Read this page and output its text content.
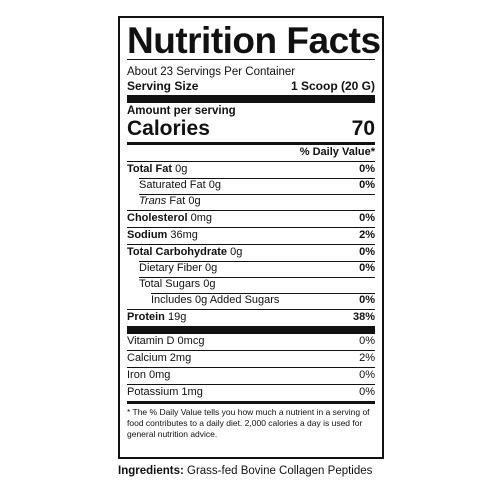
Nutrition Facts
About 23 Servings Per Container
Serving Size	1 Scoop (20 G)
Amount per serving
Calories	70
% Daily Value*
Total Fat 0g	0%
Saturated Fat 0g	0%
Trans Fat 0g
Cholesterol 0mg	0%
Sodium 36mg	2%
Total Carbohydrate 0g	0%
Dietary Fiber 0g	0%
Total Sugars 0g
Includes 0g Added Sugars	0%
Protein 19g	38%
Vitamin D 0mcg	0%
Calcium 2mg	2%
Iron 0mg	0%
Potassium 1mg	0%
* The % Daily Value tells you how much a nutrient in a serving of food contributes to a daily diet. 2,000 calories a day is used for general nutrition advice.
Ingredients: Grass-fed Bovine Collagen Peptides
